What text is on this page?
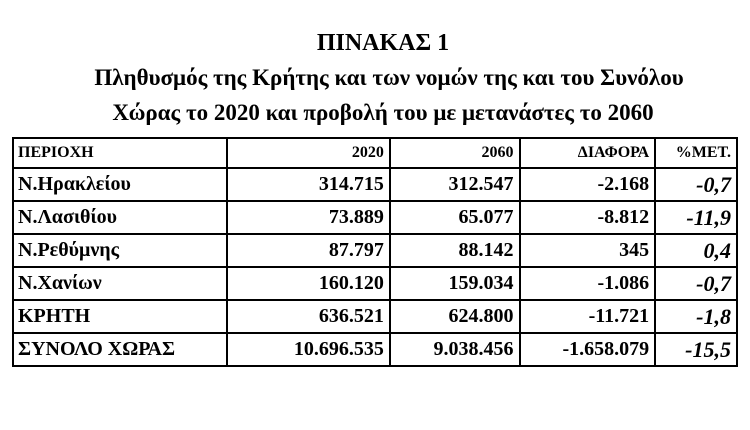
ΠΙΝΑΚΑΣ 1
Πληθυσμός της Κρήτης και των νομών της και του Συνόλου
Χώρας το 2020 και προβολή του με μετανάστες το 2060
ΠΕΡΙΟΧΗ	2020	2060	ΔΙΑΦΟΡΑ	%ΜΕΤ.
Ν.Ηρακλείου	314.715	312.547	-2.168	-0,7
Ν.Λασιθίου	73.889	65.077	-8.812	-11,9
Ν.Ρεθύμνης	87.797	88.142	345	0,4
Ν.Χανίων	160.120	159.034	-1.086	-0,7
ΚΡΗΤΗ	636.521	624.800	-11.721	-1,8
ΣΥΝΟΛΟ ΧΩΡΑΣ	10.696.535	9.038.456	-1.658.079	-15,5
